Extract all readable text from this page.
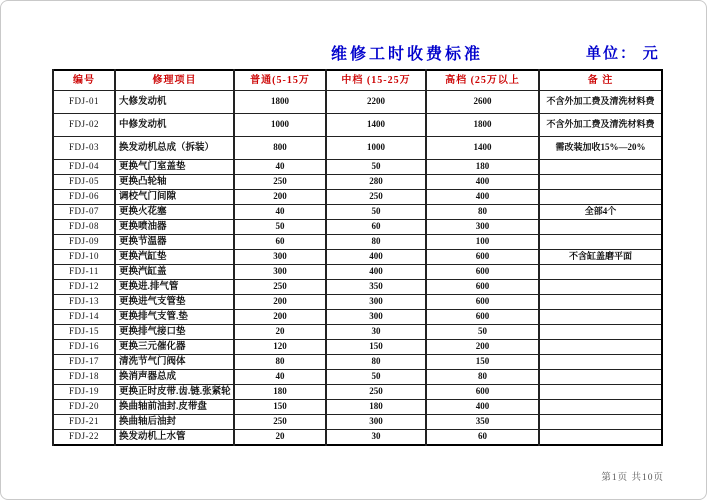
维修工时收费标准	单位： 元
编号	修理项目	普通(5-15万	中档 (15-25万	高档 (25万以上	备 注
FDJ-01	大修发动机	1800	2200	2600	不含外加工费及清洗材料费
FDJ-02	中修发动机	1000	1400	1800	不含外加工费及清洗材料费
FDJ-03	换发动机总成（拆装）	800	1000	1400	需改装加收15%—20%
FDJ-04	更换气门室盖垫	40	50	180	
FDJ-05	更换凸轮轴	250	280	400	
FDJ-06	调校气门间隙	200	250	400	
FDJ-07	更换火花塞	40	50	80	全部4个
FDJ-08	更换喷油器	50	60	300	
FDJ-09	更换节温器	60	80	100	
FDJ-10	更换汽缸垫	300	400	600	不含缸盖磨平面
FDJ-11	更换汽缸盖	300	400	600	
FDJ-12	更换进.排气管	250	350	600	
FDJ-13	更换进气支管垫	200	300	600	
FDJ-14	更换排气支管.垫	200	300	600	
FDJ-15	更换排气接口垫	20	30	50	
FDJ-16	更换三元催化器	120	150	200	
FDJ-17	清洗节气门阀体	80	80	150	
FDJ-18	换消声器总成	40	50	80	
FDJ-19	更换正时皮带.齿.链.张紧轮	180	250	600	
FDJ-20	换曲轴前油封.皮带盘	150	180	400	
FDJ-21	换曲轴后油封	250	300	350	
FDJ-22	换发动机上水管	20	30	60	
第1页 共10页
